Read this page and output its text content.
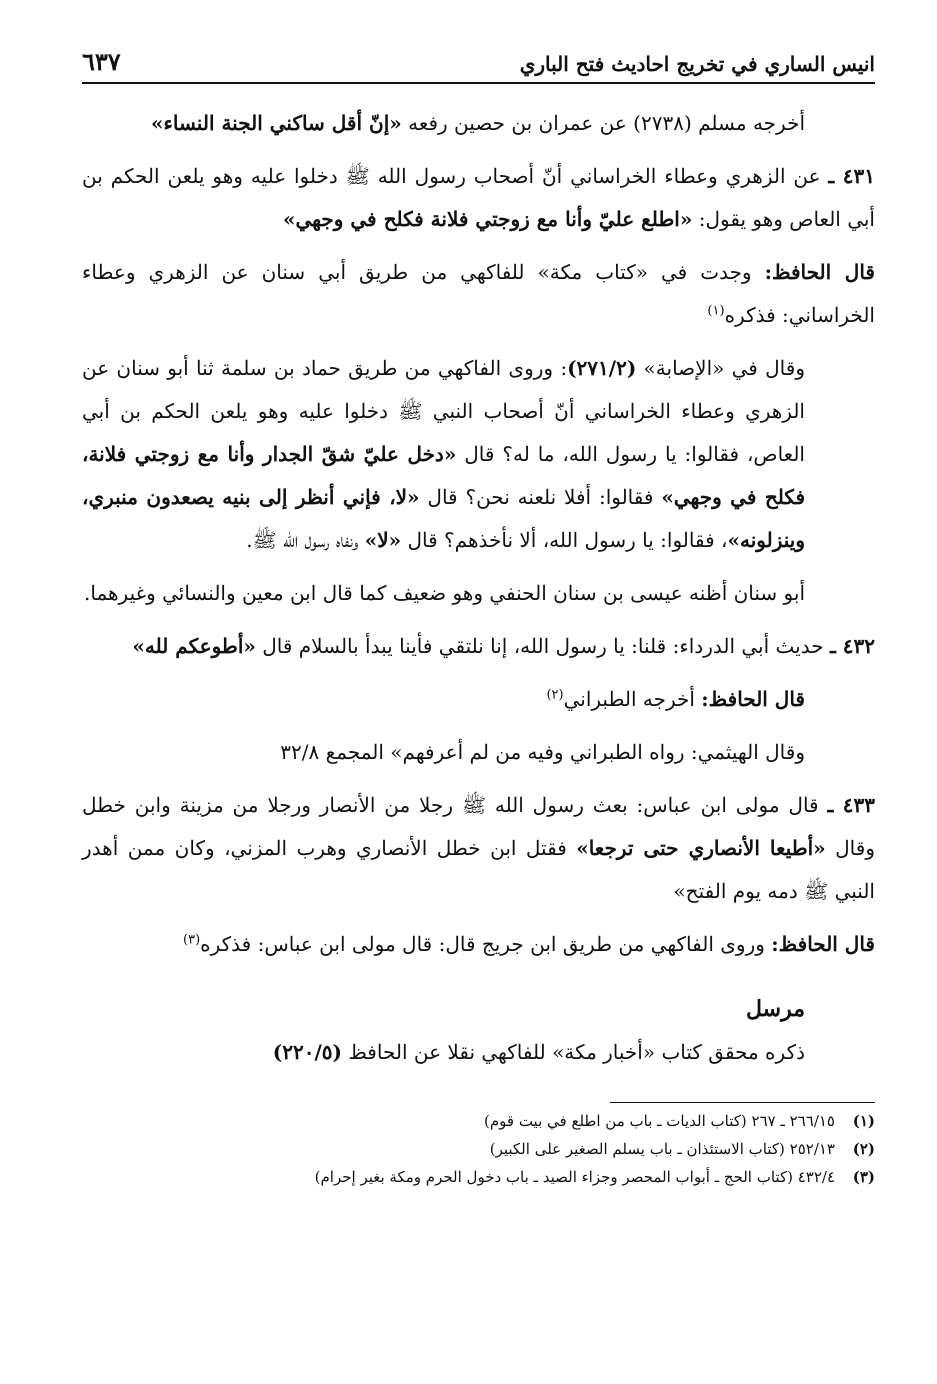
انيس الساري في تخريج احاديث فتح الباري
٦٣٧

أخرجه مسلم (٢٧٣٨) عن عمران بن حصين رفعه «إنّ أقل ساكني الجنة النساء»

٤٣١ ـ عن الزهري وعطاء الخراساني أنّ أصحاب رسول الله ﷺ دخلوا عليه وهو يلعن الحكم بن أبي العاص وهو يقول: «اطلع عليّ وأنا مع زوجتي فلانة فكلح في وجهي»

قال الحافظ: وجدت في «كتاب مكة» للفاكهي من طريق أبي سنان عن الزهري وعطاء الخراساني: فذكره$^{(١)}$

وقال في «الإصابة» (٢٧١/٢): وروى الفاكهي من طريق حماد بن سلمة ثنا أبو سنان عن الزهري وعطاء الخراساني أنّ أصحاب النبي ﷺ دخلوا عليه وهو يلعن الحكم بن أبي العاص، فقالوا: يا رسول الله، ما له؟ قال «دخل عليّ شقّ الجدار وأنا مع زوجتي فلانة، فكلح في وجهي» فقالوا: أفلا نلعنه نحن؟ قال «لا، فإني أنظر إلى بنيه يصعدون منبري، وينزلونه»، فقالوا: يا رسول الله، ألا نأخذهم؟ قال «لا» ونفاه رسول الله ﷺ.

أبو سنان أظنه عيسى بن سنان الحنفي وهو ضعيف كما قال ابن معين والنسائي وغيرهما.

٤٣٢ ـ حديث أبي الدرداء: قلنا: يا رسول الله، إنا نلتقي فأينا يبدأ بالسلام قال «أطوعكم لله»

قال الحافظ: أخرجه الطبراني$^{(٢)}$

وقال الهيثمي: رواه الطبراني وفيه من لم أعرفهم» المجمع ٣٢/٨

٤٣٣ ـ قال مولى ابن عباس: بعث رسول الله ﷺ رجلا من الأنصار ورجلا من مزينة وابن خطل وقال «أطيعا الأنصاري حتى ترجعا» فقتل ابن خطل الأنصاري وهرب المزني، وكان ممن أهدر النبي ﷺ دمه يوم الفتح»

قال الحافظ: وروى الفاكهي من طريق ابن جريج قال: قال مولى ابن عباس: فذكره$^{(٣)}$

مرسل

ذكره محقق كتاب «أخبار مكة» للفاكهي نقلا عن الحافظ (٢٢٠/٥)

(١)
٢٦٦/١٥ ـ ٢٦٧ (كتاب الديات ـ باب من اطلع في بيت قوم)
(٢)
٢٥٢/١٣ (كتاب الاستئذان ـ باب يسلم الصغير على الكبير)
(٣)
٤٣٢/٤ (كتاب الحج ـ أبواب المحصر وجزاء الصيد ـ باب دخول الحرم ومكة بغير إحرام)
